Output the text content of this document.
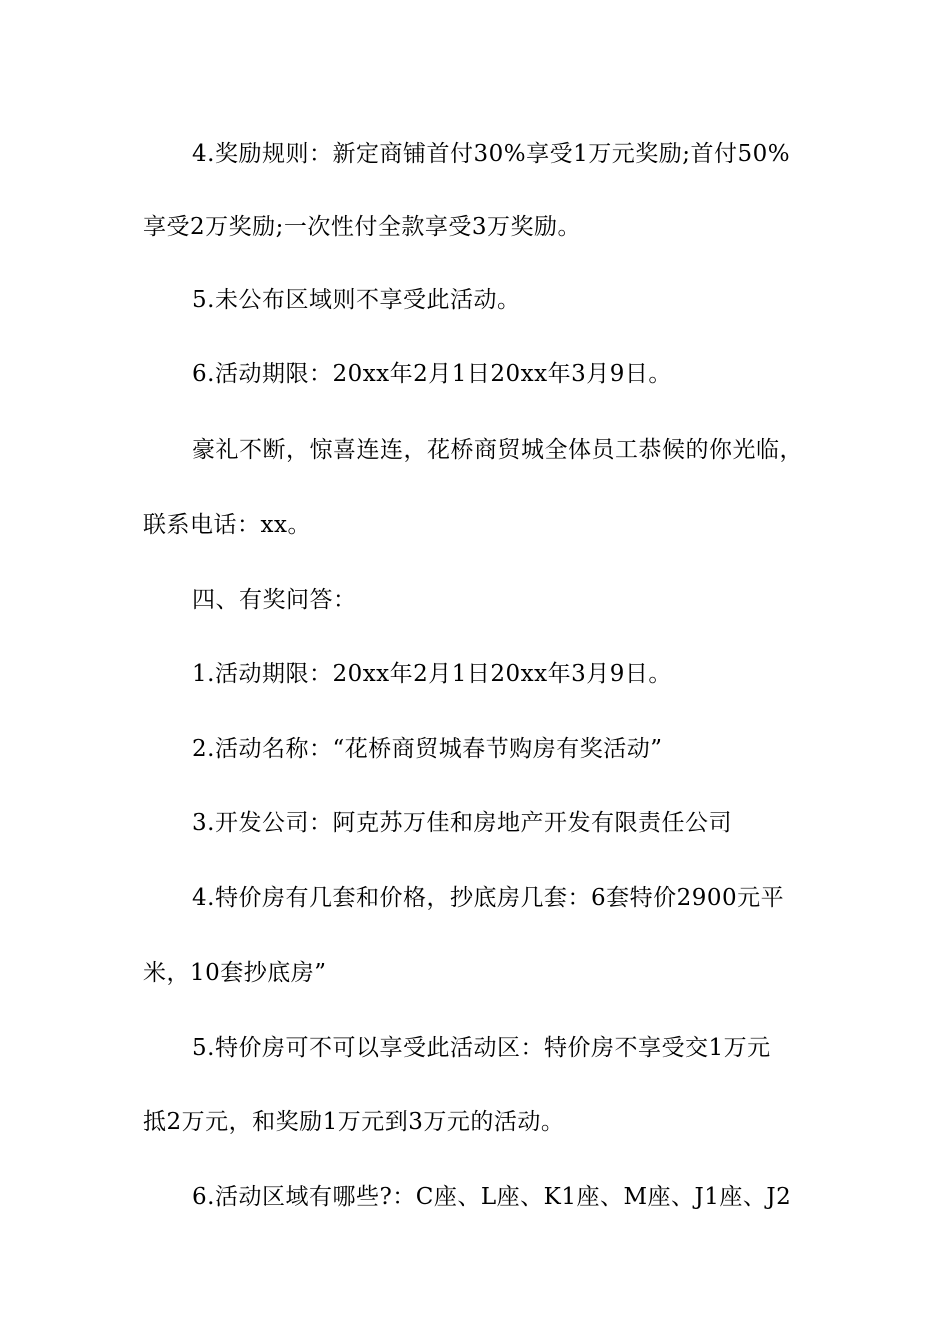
4.奖励规则：新定商铺首付30%享受1万元奖励;首付50%
享受2万奖励;一次性付全款享受3万奖励。
5.未公布区域则不享受此活动。
6.活动期限：20xx年2月1日20xx年3月9日。
豪礼不断，惊喜连连，花桥商贸城全体员工恭候的你光临，
联系电话：xx。
四、有奖问答：
1.活动期限：20xx年2月1日20xx年3月9日。
2.活动名称：“花桥商贸城春节购房有奖活动”
3.开发公司：阿克苏万佳和房地产开发有限责任公司
4.特价房有几套和价格，抄底房几套：6套特价2900元平
米，10套抄底房”
5.特价房可不可以享受此活动区：特价房不享受交1万元
抵2万元，和奖励1万元到3万元的活动。
6.活动区域有哪些?：C座、L座、K1座、M座、J1座、J2
